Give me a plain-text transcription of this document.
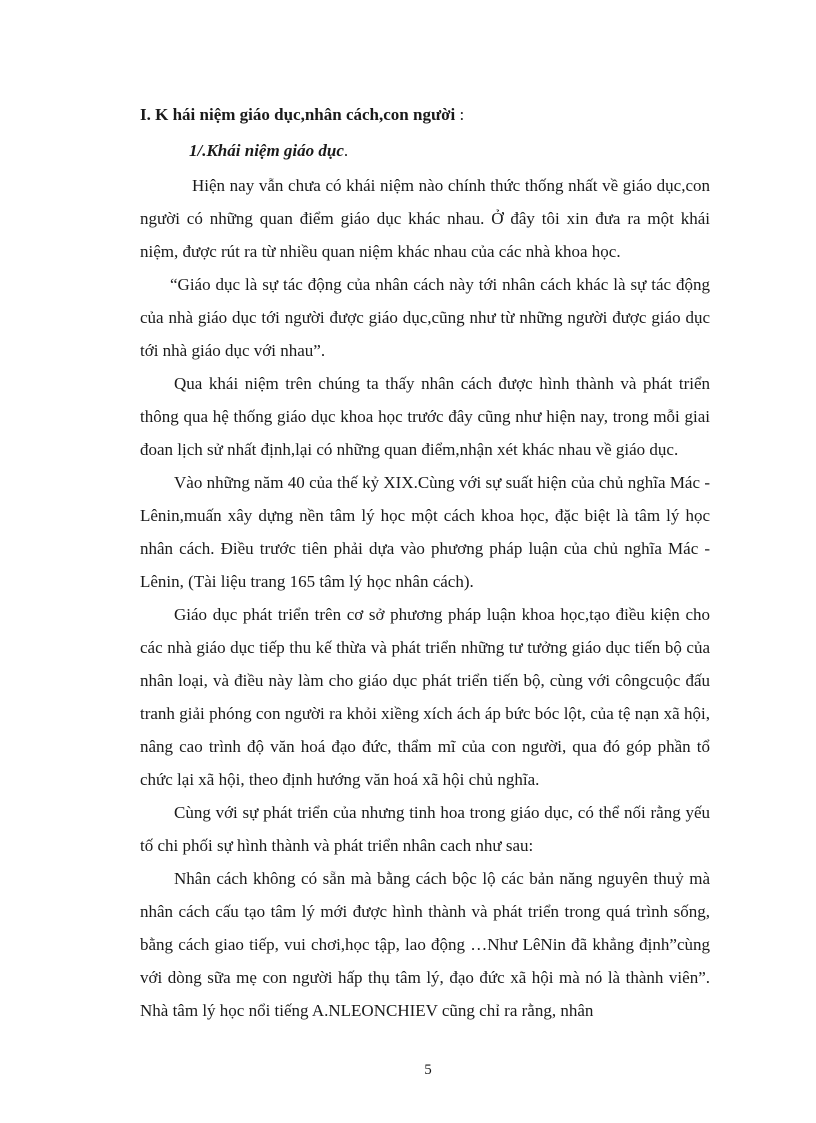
I. K hái niệm giáo dục,nhân cách,con người :
1/.Khái niệm giáo dục.

Hiện nay vẫn chưa có khái niệm nào chính thức thống nhất về giáo dục,con người có những quan điểm giáo dục khác nhau. Ở đây tôi xin đưa ra một khái niệm, được rút ra từ nhiều quan niệm khác nhau của các nhà khoa học.

“Giáo dục là sự tác động của nhân cách này tới nhân cách khác là sự tác động của nhà giáo dục tới người được giáo dục,cũng như từ những người được giáo dục tới nhà giáo dục với nhau”.

Qua khái niệm trên chúng ta thấy nhân cách được hình thành và phát triển thông qua hệ thống giáo dục khoa học trước đây cũng như hiện nay, trong mỗi giai đoan lịch sử nhất định,lại có những quan điểm,nhận xét khác nhau về giáo dục.

Vào những năm 40 của thế kỷ XIX.Cùng với sự suất hiện của chủ nghĩa Mác - Lênin,muấn xây dựng nền tâm lý học một cách khoa học, đặc biệt là tâm lý học nhân cách. Điều trước tiên phải dựa vào phương pháp luận của chủ nghĩa Mác - Lênin, (Tài liệu trang 165 tâm lý học nhân cách).

Giáo dục phát triển trên cơ sở phương pháp luận khoa học,tạo điều kiện cho các nhà giáo dục tiếp thu kế thừa và phát triển những tư tưởng giáo dục tiến bộ của nhân loại, và điều này làm cho giáo dục phát triển tiến bộ, cùng với côngcuộc đấu tranh giải phóng con người ra khỏi xiềng xích ách áp bức bóc lột, của tệ nạn xã hội, nâng cao trình độ văn hoá đạo đức, thẩm mĩ của con người, qua đó góp phần tổ chức lại xã hội, theo định hướng văn hoá xã hội chủ nghĩa.

Cùng với sự phát triển của nhưng tinh hoa trong giáo dục, có thể nối rằng yếu tố chi phối sự hình thành và phát triển nhân cach như sau:

Nhân cách không có sẵn mà bằng cách bộc lộ các bản năng nguyên thuỷ mà nhân cách cấu tạo tâm lý mới được hình thành và phát triển trong quá trình sống, bằng cách giao tiếp, vui chơi,học tập, lao động …Như LêNin đã khẳng định”cùng với dòng sữa mẹ con người hấp thụ tâm lý, đạo đức xã hội mà nó là thành viên”. Nhà tâm lý học nổi tiếng A.NLEONCHIEV cũng chỉ ra rằng, nhân

5
